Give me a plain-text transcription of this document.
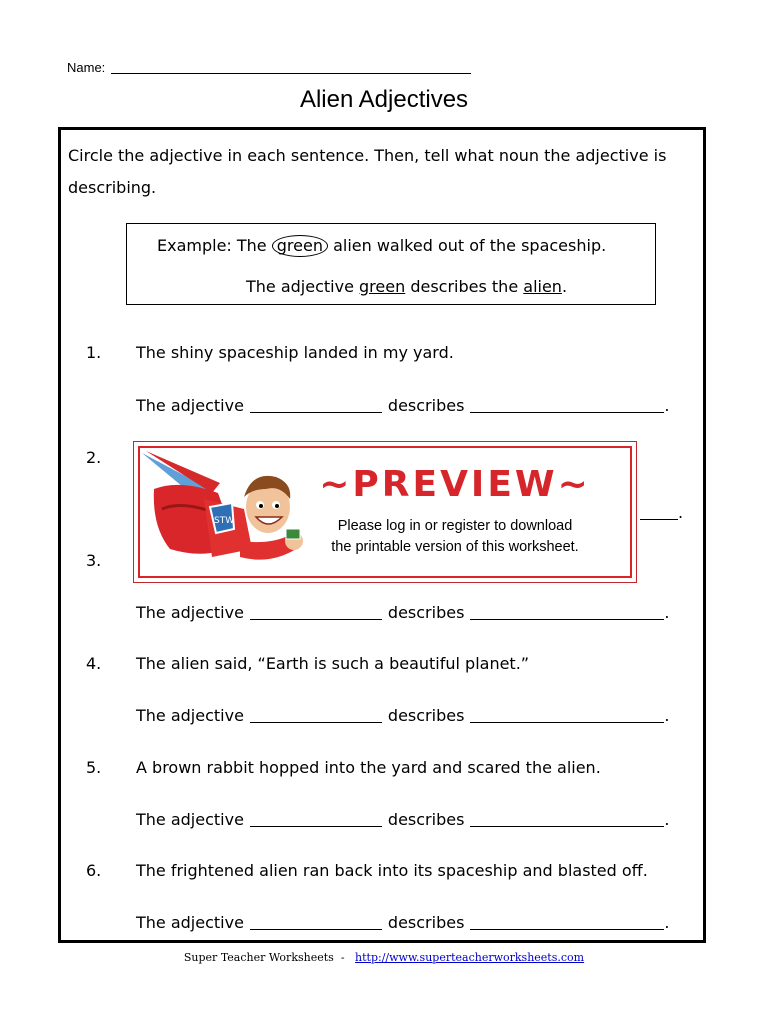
Name:
Alien Adjectives
Circle the adjective in each sentence. Then, tell what noun the adjective is describing.
Example: The green alien walked out of the spaceship.
The adjective green describes the alien.
1. The shiny spaceship landed in my yard.
The adjective	describes	.
2.
.
3.
The adjective	describes	.
4. The alien said, “Earth is such a beautiful planet.”
The adjective	describes	.
5. A brown rabbit hopped into the yard and scared the alien.
The adjective	describes	.
6. The frightened alien ran back into its spaceship and blasted off.
The adjective	describes	.
STW
~PREVIEW~
Please log in or register to download
the printable version of this worksheet.
Super Teacher Worksheets - http://www.superteacherworksheets.com
